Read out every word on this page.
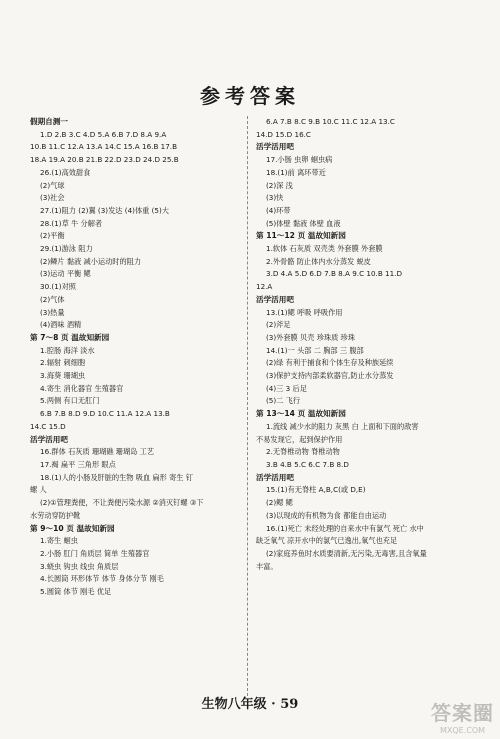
参考答案
假期自测一
1.D 2.B 3.C 4.D 5.A 6.B 7.D 8.A 9.A
10.B 11.C 12.A 13.A 14.C 15.A 16.B 17.B
18.A 19.A 20.B 21.B 22.D 23.D 24.D 25.B
26.(1)高效甜食
(2)气球
(3)社会
27.(1)阻力 (2)翼 (3)发达 (4)体重 (5)大
28.(1)草 牛 分解者
(2)平衡
29.(1)游泳 阻力
(2)鳞片 黏液 减小运动时的阻力
(3)运动 平衡 鳃
30.(1)对照
(2)气体
(3)热量
(4)酒味 酒精
第 7～8 页 温故知新园
1.腔肠 海洋 淡水
2.辐射 刺细胞
3.海葵 珊瑚虫
4.寄生 消化器官 生殖器官
5.两侧 有口无肛门
6.B 7.B 8.D 9.D 10.C 11.A 12.A 13.B
14.C 15.D
活学活用吧
16.群体 石灰质 珊瑚礁 珊瑚岛 工艺
17.褐 扁平 三角形 眼点
18.(1)人的小肠及肝脏的生物 吸血 扁形 寄生 钉
螺 人
(2)①管理粪便，不让粪便污染水源 ②消灭钉螺 ③下
水劳动穿防护靴
第 9～10 页 温故知新园
1.寄生 蛔虫
2.小肠 肛门 角质层 简单 生殖器官
3.蛲虫 钩虫 线虫 角质层
4.长圆筒 环形体节 体节 身体分节 刚毛
5.圆筒 体节 刚毛 优足
6.A 7.B 8.C 9.B 10.C 11.C 12.A 13.C
14.D 15.D 16.C
活学活用吧
17.小肠 虫卵 蛔虫病
18.(1)前 离环带近
(2)深 浅
(3)快
(4)环带
(5)体壁 黏液 体壁 血液
第 11～12 页 温故知新园
1.软体 石灰质 双壳类 外套膜 外套膜
2.外骨骼 防止体内水分蒸发 蜕皮
3.D 4.A 5.D 6.D 7.B 8.A 9.C 10.B 11.D
12.A
活学活用吧
13.(1)鳃 呼吸 呼吸作用
(2)斧足
(3)外套膜 贝壳 珍珠质 珍珠
14.(1)一 头部 二 胸部 三 腹部
(2)绿 有利于捕食和个体生存及种族延续
(3)保护支持内部柔软器官,防止水分蒸发
(4)三 3 后足
(5)二 飞行
第 13～14 页 温故知新园
1.流线 减少水的阻力 灰黑 白 上面和下面的敌害
不易发现它，起到保护作用
2.无脊椎动物 脊椎动物
3.B 4.B 5.C 6.C 7.B 8.D
活学活用吧
15.(1)有无脊柱 A,B,C(或 D,E)
(2)鳃 鳃
(3)以现成的有机物为食 都能自由运动
16.(1)死亡 未经处理的自来水中有氯气 死亡 水中
缺乏氧气 凉开水中的氯气已逸出,氧气也充足
(2)家庭养鱼时水质要清新,无污染,无毒害,且含氧量
丰富。
生物八年级 · 59	答案圈
MXQE.COM
